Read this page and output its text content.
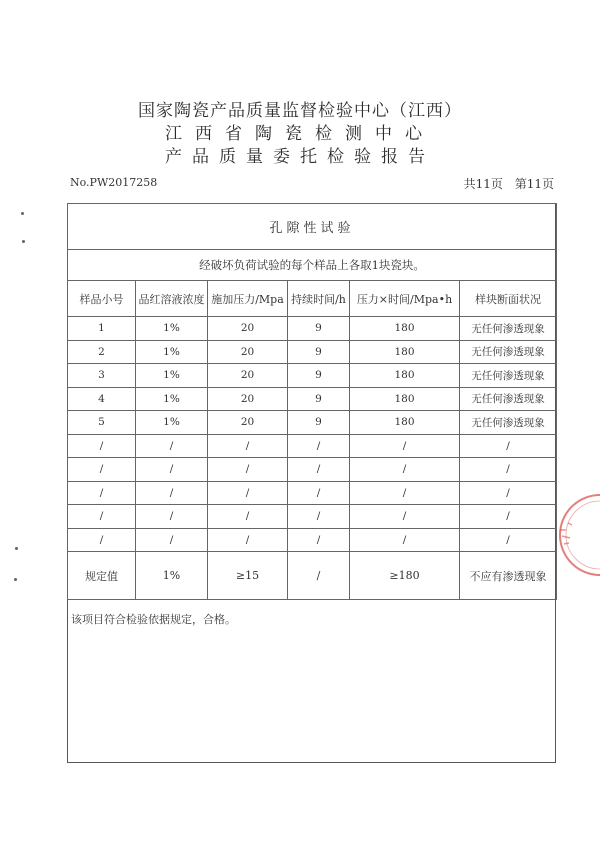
国家陶瓷产品质量监督检验中心（江西）
江西省陶瓷检测中心
产品质量委托检验报告
No.PW2017258	共11页 第11页
孔隙性试验					
经破坏负荷试验的每个样品上各取1块瓷块。					
样品小号	品红溶液浓度	施加压力/Mpa	持续时间/h	压力×时间/Mpa•h	样块断面状况
1	1%	20	9	180	无任何渗透现象
2	1%	20	9	180	无任何渗透现象
3	1%	20	9	180	无任何渗透现象
4	1%	20	9	180	无任何渗透现象
5	1%	20	9	180	无任何渗透现象
/	/	/	/	/	/
/	/	/	/	/	/
/	/	/	/	/	/
/	/	/	/	/	/
/	/	/	/	/	/
规定值	1%	≥15	/	≥180	不应有渗透现象
该项目符合检验依据规定，合格。
